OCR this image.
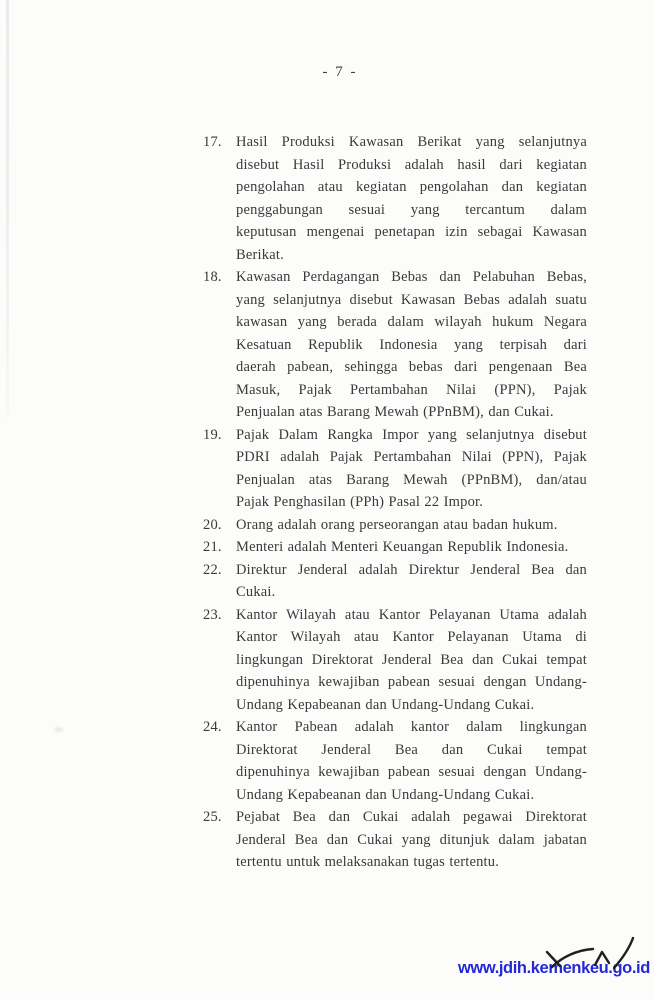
- 7 -
17. Hasil Produksi Kawasan Berikat yang selanjutnya
disebut Hasil Produksi adalah hasil dari kegiatan
pengolahan atau kegiatan pengolahan dan kegiatan
penggabungan sesuai yang tercantum dalam
keputusan mengenai penetapan izin sebagai Kawasan
Berikat.
18. Kawasan Perdagangan Bebas dan Pelabuhan Bebas,
yang selanjutnya disebut Kawasan Bebas adalah suatu
kawasan yang berada dalam wilayah hukum Negara
Kesatuan Republik Indonesia yang terpisah dari
daerah pabean, sehingga bebas dari pengenaan Bea
Masuk, Pajak Pertambahan Nilai (PPN), Pajak
Penjualan atas Barang Mewah (PPnBM), dan Cukai.
19. Pajak Dalam Rangka Impor yang selanjutnya disebut
PDRI adalah Pajak Pertambahan Nilai (PPN), Pajak
Penjualan atas Barang Mewah (PPnBM), dan/atau
Pajak Penghasilan (PPh) Pasal 22 Impor.
20. Orang adalah orang perseorangan atau badan hukum.
21. Menteri adalah Menteri Keuangan Republik Indonesia.
22. Direktur Jenderal adalah Direktur Jenderal Bea dan
Cukai.
23. Kantor Wilayah atau Kantor Pelayanan Utama adalah
Kantor Wilayah atau Kantor Pelayanan Utama di
lingkungan Direktorat Jenderal Bea dan Cukai tempat
dipenuhinya kewajiban pabean sesuai dengan Undang-
Undang Kepabeanan dan Undang-Undang Cukai.
24. Kantor Pabean adalah kantor dalam lingkungan
Direktorat Jenderal Bea dan Cukai tempat
dipenuhinya kewajiban pabean sesuai dengan Undang-
Undang Kepabeanan dan Undang-Undang Cukai.
25. Pejabat Bea dan Cukai adalah pegawai Direktorat
Jenderal Bea dan Cukai yang ditunjuk dalam jabatan
tertentu untuk melaksanakan tugas tertentu.
www.jdih.kemenkeu.go.id
